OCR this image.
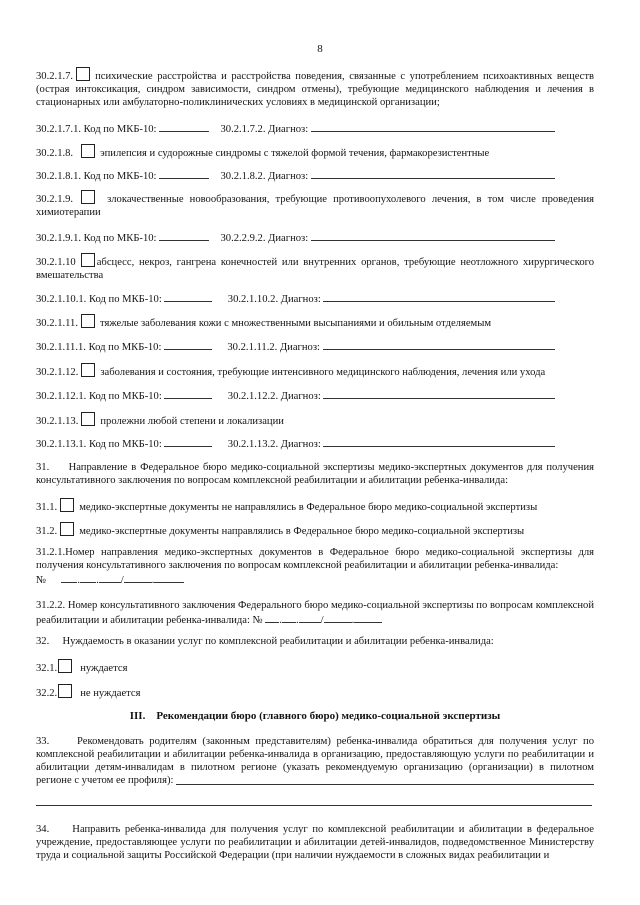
8
30.2.1.7. психические расстройства и расстройства поведения, связанные с употреблением психоактивных веществ (острая интоксикация, синдром зависимости, синдром отмены), требующие медицинского наблюдения и лечения в стационарных или амбулаторно-поликлинических условиях в медицинской организации;
30.2.1.7.1. Код по МКБ-10:	30.2.1.7.2. Диагноз:
30.2.1.8.	эпилепсия и судорожные синдромы с тяжелой формой течения, фармакорезистентные
30.2.1.8.1. Код по МКБ-10:	30.2.1.8.2. Диагноз:
30.2.1.9.	злокачественные новообразования, требующие противоопухолевого лечения, в том числе проведения химиотерапии
30.2.1.9.1. Код по МКБ-10:	30.2.2.9.2. Диагноз:
30.2.1.10 абсцесс, некроз, гангрена конечностей или внутренних органов, требующие неотложного хирургического вмешательства
30.2.1.10.1. Код по МКБ-10:	30.2.1.10.2. Диагноз:
30.2.1.11. тяжелые заболевания кожи с множественными высыпаниями и обильным отделяемым
30.2.1.11.1. Код по МКБ-10:	30.2.1.11.2. Диагноз:
30.2.1.12. заболевания и состояния, требующие интенсивного медицинского наблюдения, лечения или ухода
30.2.1.12.1. Код по МКБ-10:	30.2.1.12.2. Диагноз:
30.2.1.13. пролежни любой степени и локализации
30.2.1.13.1. Код по МКБ-10:	30.2.1.13.2. Диагноз:
31.     Направление в Федеральное бюро медико-социальной экспертизы медико-экспертных документов для получения консультативного заключения по вопросам комплексной реабилитации и абилитации ребенка-инвалида:
31.1. медико-экспертные документы не направлялись в Федеральное бюро медико-социальной экспертизы
31.2. медико-экспертные документы направлялись в Федеральное бюро медико-социальной экспертизы
31.2.1.Номер направления медико-экспертных документов в Федеральное бюро медико-социальной экспертизы для получения консультативного заключения по вопросам комплексной реабилитации и абилитации ребенка-инвалида:
№	. . /	.
31.2.2. Номер консультативного заключения Федерального бюро медико-социальной экспертизы по вопросам комплексной реабилитации и абилитации ребенка-инвалида: № . . /	.
32.     Нуждаемость в оказании услуг по комплексной реабилитации и абилитации ребенка-инвалида:
32.1. нуждается
32.2. не нуждается
III.    Рекомендации бюро (главного бюро) медико-социальной экспертизы
33.     Рекомендовать родителям (законным представителям) ребенка-инвалида обратиться для получения услуг по комплексной реабилитации и абилитации ребенка-инвалида в организацию, предоставляющую услуги по реабилитации и абилитации детям-инвалидам в пилотном регионе (указать рекомендуемую организацию (организации) в пилотном регионе с учетом ее профиля):
34.     Направить ребенка-инвалида для получения услуг по комплексной реабилитации и абилитации в федеральное учреждение, предоставляющее услуги по реабилитации и абилитации детей-инвалидов, подведомственное Министерству труда и социальной защиты Российской Федерации (при наличии нуждаемости в сложных видах реабилитации и
